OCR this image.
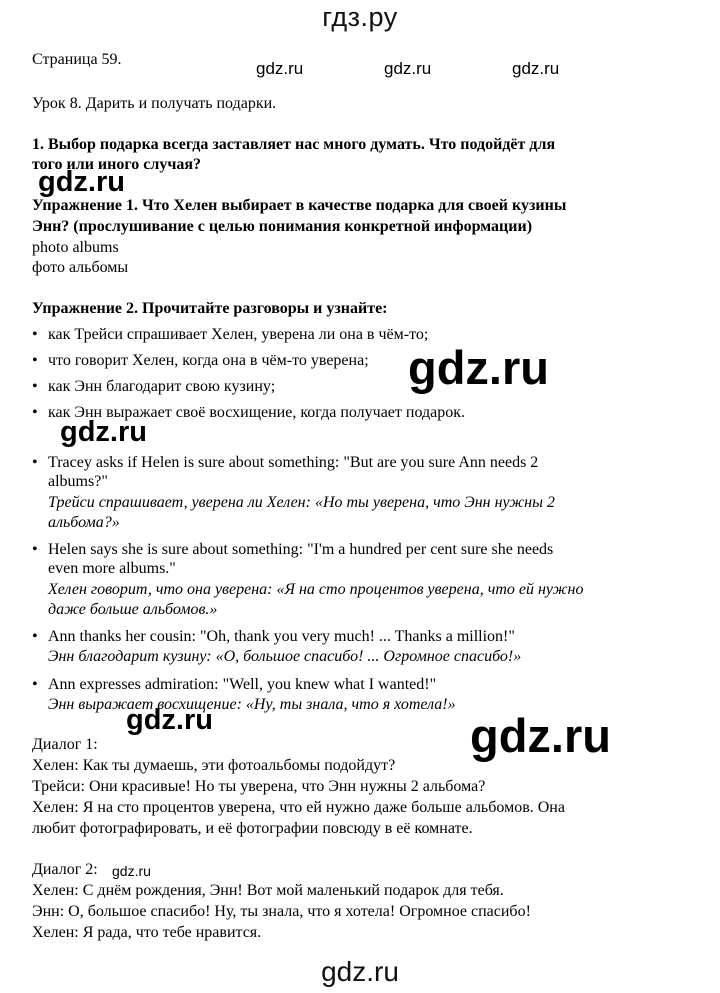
гдз.ру
Страница 59.	gdz.ru	gdz.ru	gdz.ru
Урок 8. Дарить и получать подарки.
1. Выбор подарка всегда заставляет нас много думать. Что подойдёт для
того или иного случая?
gdz.ru
Упражнение 1. Что Хелен выбирает в качестве подарка для своей кузины
Энн? (прослушивание с целью понимания конкретной информации)
photo albums
фото альбомы
Упражнение 2. Прочитайте разговоры и узнайте:
• как Трейси спрашивает Хелен, уверена ли она в чём-то;
• что говорит Хелен, когда она в чём-то уверена;
• как Энн благодарит свою кузину;
• как Энн выражает своё восхищение, когда получает подарок.
gdz.ru
gdz.ru
• Tracey asks if Helen is sure about something: "But are you sure Ann needs 2
albums?"
Трейси спрашивает, уверена ли Хелен: «Но ты уверена, что Энн нужны 2
альбома?»
• Helen says she is sure about something: "I'm a hundred per cent sure she needs
even more albums."
Хелен говорит, что она уверена: «Я на сто процентов уверена, что ей нужно
даже больше альбомов.»
• Ann thanks her cousin: "Oh, thank you very much! ... Thanks a million!"
Энн благодарит кузину: «О, большое спасибо! ... Огромное спасибо!»
• Ann expresses admiration: "Well, you knew what I wanted!"
Энн выражает восхищение: «Ну, ты знала, что я хотела!»
gdz.ru	gdz.ru
Диалог 1:
Хелен: Как ты думаешь, эти фотоальбомы подойдут?
Трейси: Они красивые! Но ты уверена, что Энн нужны 2 альбома?
Хелен: Я на сто процентов уверена, что ей нужно даже больше альбомов. Она
любит фотографировать, и её фотографии повсюду в её комнате.
Диалог 2:
Хелен: С днём рождения, Энн! Вот мой маленький подарок для тебя.
Энн: О, большое спасибо! Ну, ты знала, что я хотела! Огромное спасибо!
Хелен: Я рада, что тебе нравится.
gdz.ru
gdz.ru
